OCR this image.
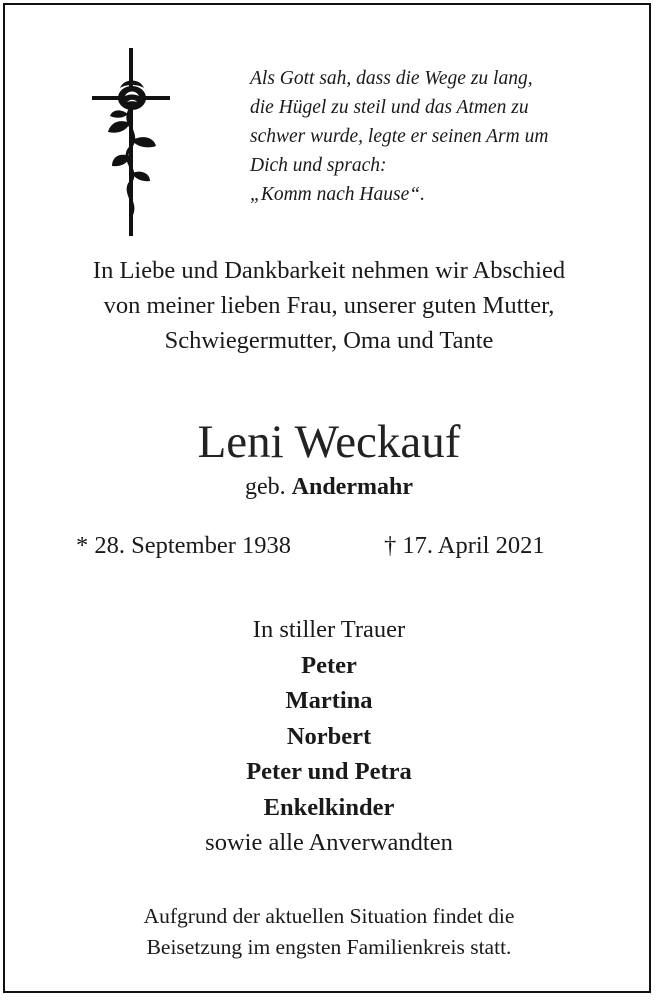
Als Gott sah, dass die Wege zu lang,
die Hügel zu steil und das Atmen zu
schwer wurde, legte er seinen Arm um
Dich und sprach:
„Komm nach Hause“.
In Liebe und Dankbarkeit nehmen wir Abschied
von meiner lieben Frau, unserer guten Mutter,
Schwiegermutter, Oma und Tante
Leni Weckauf
geb. Andermahr
* 28. September 1938	† 17. April 2021
In stiller Trauer
Peter
Martina
Norbert
Peter und Petra
Enkelkinder
sowie alle Anverwandten
Aufgrund der aktuellen Situation findet die
Beisetzung im engsten Familienkreis statt.
